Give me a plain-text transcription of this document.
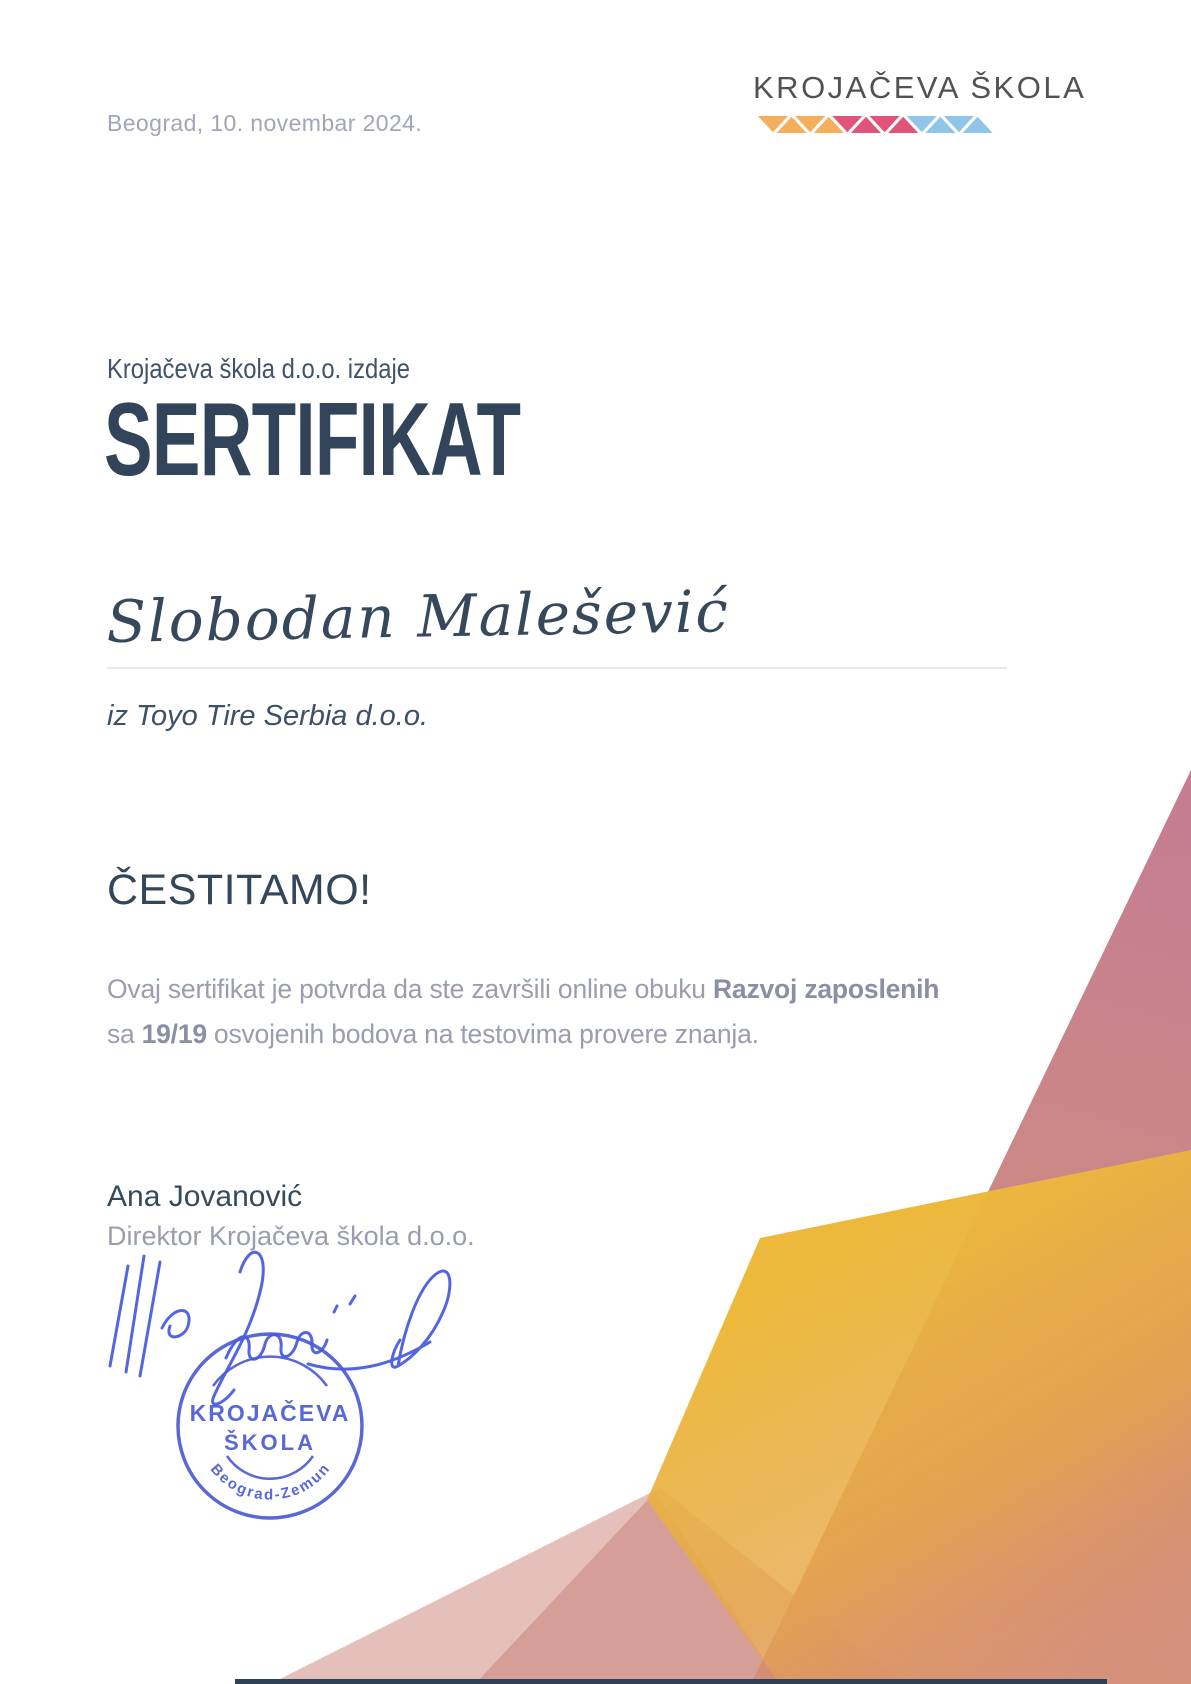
Beograd, 10. novembar 2024.
KROJAČEVA ŠKOLA
Krojačeva škola d.o.o. izdaje
SERTIFIKAT
Slobodan Malešević
iz Toyo Tire Serbia d.o.o.
ČESTITAMO!

Ovaj sertifikat je potvrda da ste završili online obuku Razvoj zaposlenih
sa 19/19 osvojenih bodova na testovima provere znanja.

Ana Jovanović
Direktor Krojačeva škola d.o.o.
KROJAČEVA
ŠKOLA
Beograd-Zemun
